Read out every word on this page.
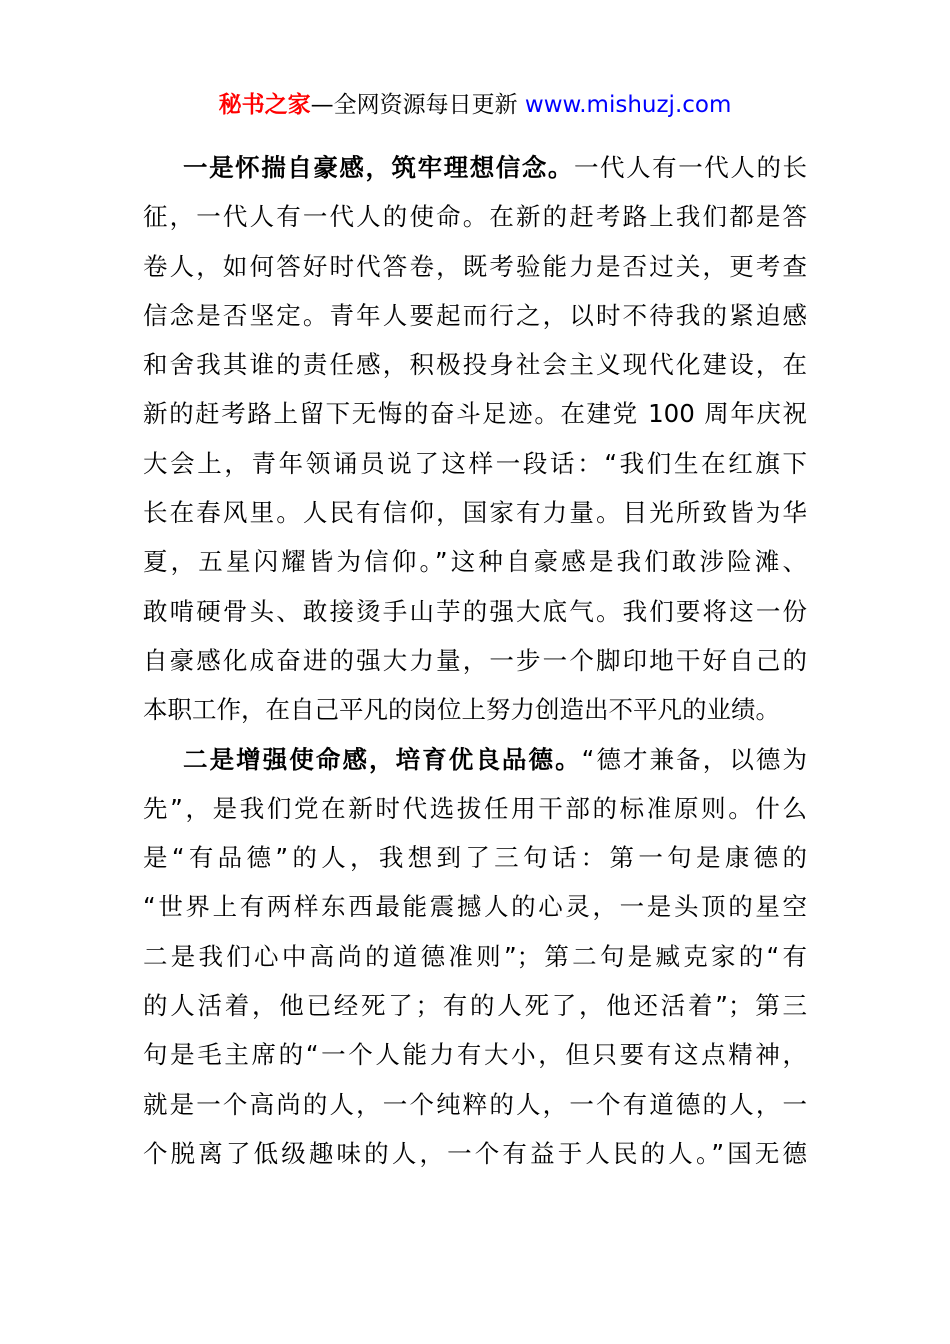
秘书之家—全网资源每日更新 www.mishuzj.com
一是怀揣自豪感，筑牢理想信念。一代人有一代人的长
征，一代人有一代人的使命。在新的赶考路上我们都是答
卷人，如何答好时代答卷，既考验能力是否过关，更考查
信念是否坚定。青年人要起而行之，以时不待我的紧迫感
和舍我其谁的责任感，积极投身社会主义现代化建设，在
新的赶考路上留下无悔的奋斗足迹。在建党 100 周年庆祝
大会上，青年领诵员说了这样一段话：“我们生在红旗下
长在春风里。人民有信仰，国家有力量。目光所致皆为华
夏，五星闪耀皆为信仰。”这种自豪感是我们敢涉险滩、
敢啃硬骨头、敢接烫手山芋的强大底气。我们要将这一份
自豪感化成奋进的强大力量，一步一个脚印地干好自己的
本职工作，在自己平凡的岗位上努力创造出不平凡的业绩。
二是增强使命感，培育优良品德。“德才兼备，以德为
先”，是我们党在新时代选拔任用干部的标准原则。什么
是“有品德”的人，我想到了三句话：第一句是康德的
“世界上有两样东西最能震撼人的心灵，一是头顶的星空
二是我们心中高尚的道德准则”；第二句是臧克家的“有
的人活着，他已经死了；有的人死了，他还活着”；第三
句是毛主席的“一个人能力有大小，但只要有这点精神，
就是一个高尚的人，一个纯粹的人，一个有道德的人，一
个脱离了低级趣味的人，一个有益于人民的人。”国无德
